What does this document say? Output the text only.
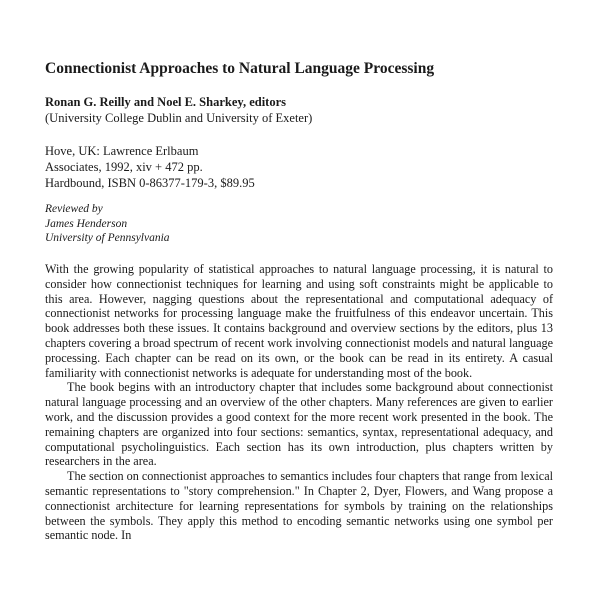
Connectionist Approaches to Natural Language Processing
Ronan G. Reilly and Noel E. Sharkey, editors
(University College Dublin and University of Exeter)
Hove, UK: Lawrence Erlbaum
Associates, 1992, xiv + 472 pp.
Hardbound, ISBN 0-86377-179-3, $89.95
Reviewed by
James Henderson
University of Pennsylvania

With the growing popularity of statistical approaches to natural language processing, it is natural to consider how connectionist techniques for learning and using soft constraints might be applicable to this area. However, nagging questions about the representational and computational adequacy of connectionist networks for processing language make the fruitfulness of this endeavor uncertain. This book addresses both these issues. It contains background and overview sections by the editors, plus 13 chapters covering a broad spectrum of recent work involving connectionist models and natural language processing. Each chapter can be read on its own, or the book can be read in its entirety. A casual familiarity with connectionist networks is adequate for understanding most of the book.

The book begins with an introductory chapter that includes some background about connectionist natural language processing and an overview of the other chapters. Many references are given to earlier work, and the discussion provides a good context for the more recent work presented in the book. The remaining chapters are organized into four sections: semantics, syntax, representational adequacy, and computational psycholinguistics. Each section has its own introduction, plus chapters written by researchers in the area.

The section on connectionist approaches to semantics includes four chapters that range from lexical semantic representations to "story comprehension." In Chapter 2, Dyer, Flowers, and Wang propose a connectionist architecture for learning representations for symbols by training on the relationships between the symbols. They apply this method to encoding semantic networks using one symbol per semantic node. In
